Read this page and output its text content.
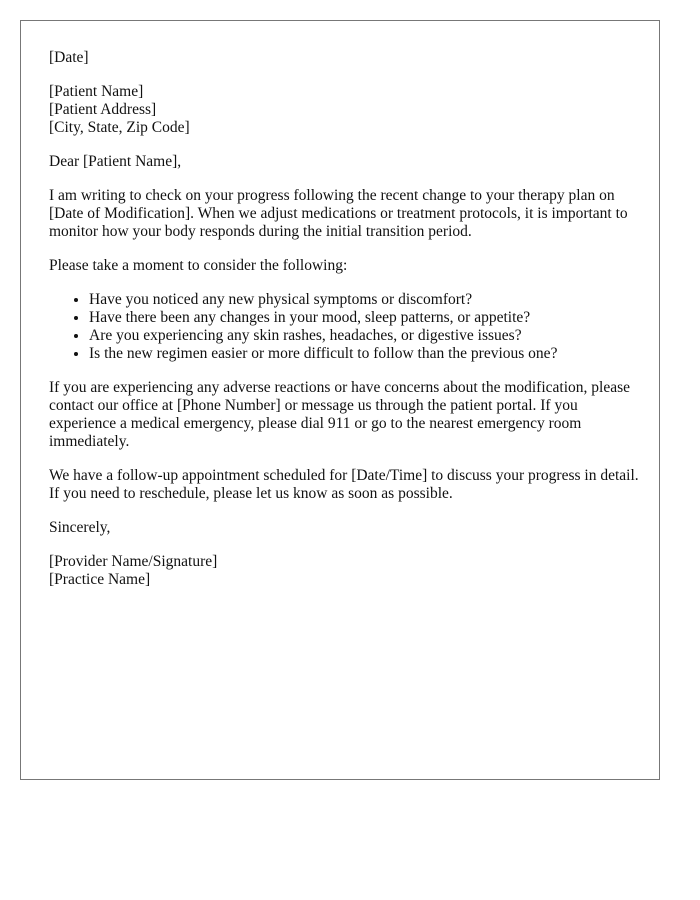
[Date]
[Patient Name]
[Patient Address]
[City, State, Zip Code]
Dear [Patient Name],

I am writing to check on your progress following the recent change to your therapy plan on [Date of Modification]. When we adjust medications or treatment protocols, it is important to monitor how your body responds during the initial transition period.

Please take a moment to consider the following:

• Have you noticed any new physical symptoms or discomfort?
• Have there been any changes in your mood, sleep patterns, or appetite?
• Are you experiencing any skin rashes, headaches, or digestive issues?
• Is the new regimen easier or more difficult to follow than the previous one?

If you are experiencing any adverse reactions or have concerns about the modification, please contact our office at [Phone Number] or message us through the patient portal. If you experience a medical emergency, please dial 911 or go to the nearest emergency room immediately.

We have a follow-up appointment scheduled for [Date/Time] to discuss your progress in detail. If you need to reschedule, please let us know as soon as possible.

Sincerely,
[Provider Name/Signature]
[Practice Name]
